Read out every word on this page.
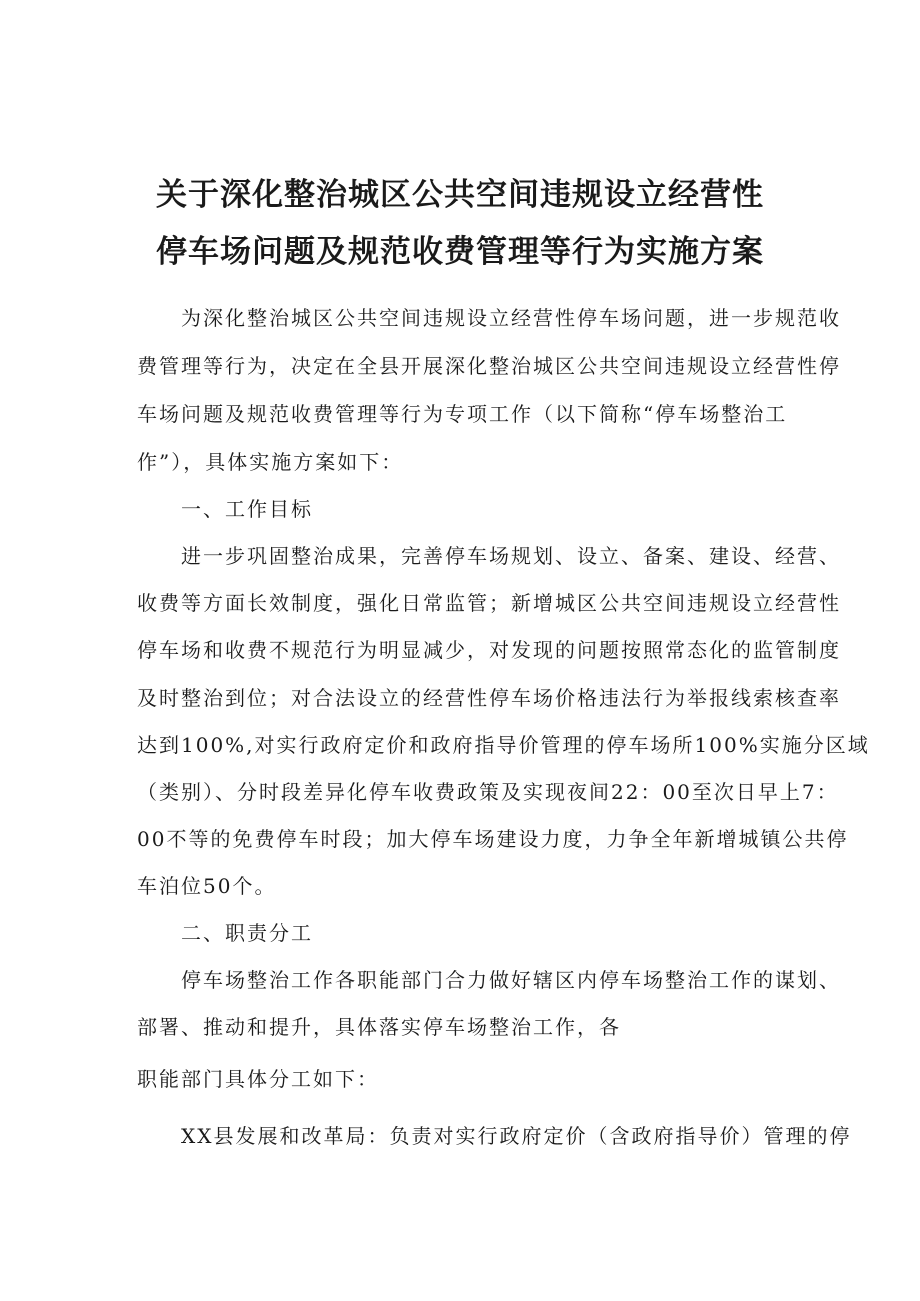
关于深化整治城区公共空间违规设立经营性
停车场问题及规范收费管理等行为实施方案

为深化整治城区公共空间违规设立经营性停车场问题，进一步规范收

费管理等行为，决定在全县开展深化整治城区公共空间违规设立经营性停

车场问题及规范收费管理等行为专项工作（以下简称“停车场整治工

作”），具体实施方案如下：

一、工作目标

进一步巩固整治成果，完善停车场规划、设立、备案、建设、经营、

收费等方面长效制度，强化日常监管；新增城区公共空间违规设立经营性

停车场和收费不规范行为明显减少，对发现的问题按照常态化的监管制度

及时整治到位；对合法设立的经营性停车场价格违法行为举报线索核查率

达到100%,对实行政府定价和政府指导价管理的停车场所100%实施分区域

（类别）、分时段差异化停车收费政策及实现夜间22：00至次日早上7：

00不等的免费停车时段；加大停车场建设力度，力争全年新增城镇公共停

车泊位50个。

二、职责分工

停车场整治工作各职能部门合力做好辖区内停车场整治工作的谋划、

部署、推动和提升，具体落实停车场整治工作，各

职能部门具体分工如下：

XX县发展和改革局：负责对实行政府定价（含政府指导价）管理的停
